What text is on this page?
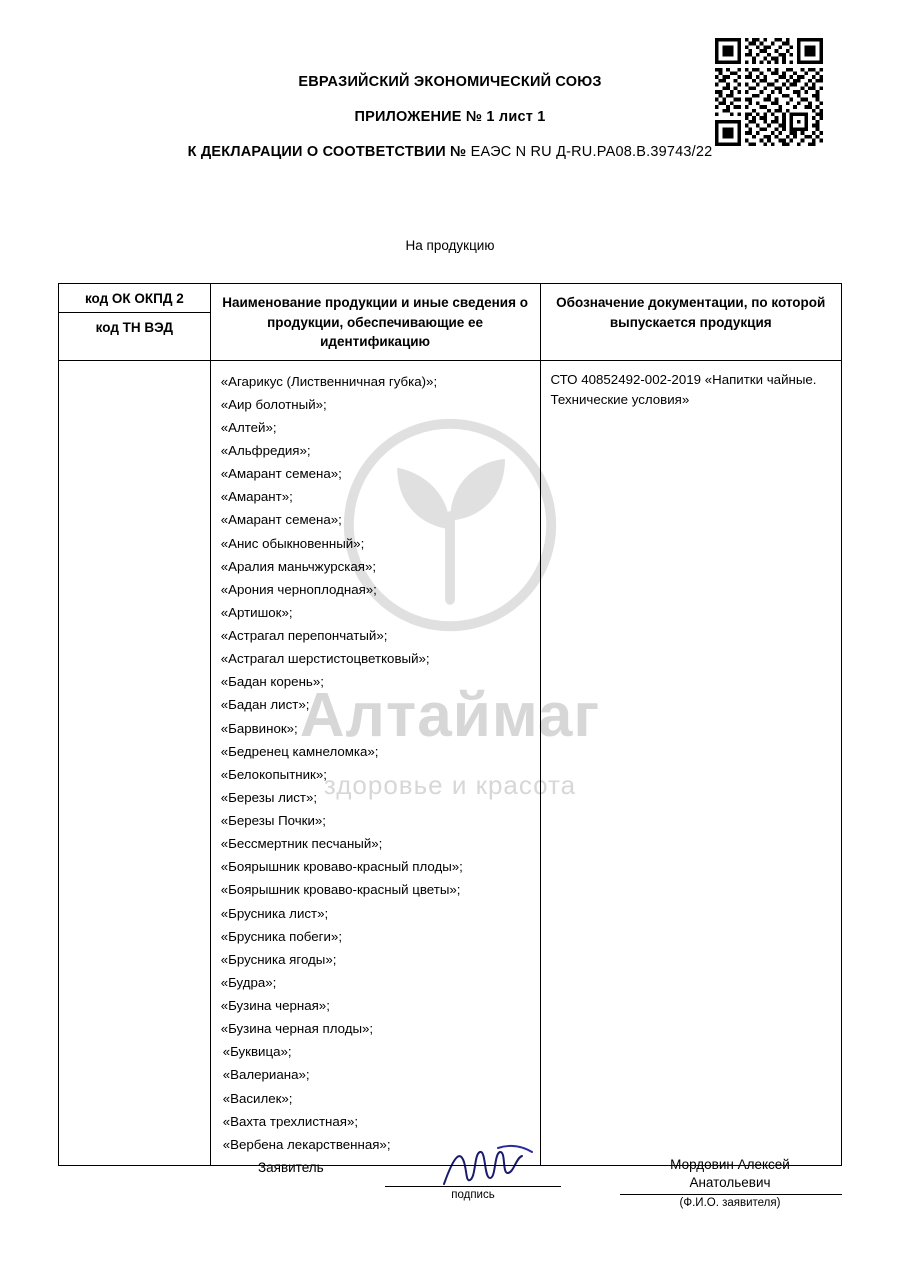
ЕВРАЗИЙСКИЙ ЭКОНОМИЧЕСКИЙ СОЮЗ
ПРИЛОЖЕНИЕ № 1 лист 1
К ДЕКЛАРАЦИИ О СООТВЕТСТВИИ № ЕАЭС N RU Д-RU.РА08.В.39743/22
На продукцию
Алтаймаг
здоровье и красота
код ОК ОКПД 2
код ТН ВЭД	Наименование продукции и иные сведения о продукции, обеспечивающие ее идентификацию	Обозначение документации, по которой выпускается продукция

«Агарикус (Лиственничная губка)»;
«Аир болотный»;
«Алтей»;
«Альфредия»;
«Амарант семена»;
«Амарант»;
«Амарант семена»;
«Анис обыкновенный»;
«Аралия маньчжурская»;
«Арония черноплодная»;
«Артишок»;
«Астрагал перепончатый»;
«Астрагал шерстистоцветковый»;
«Бадан корень»;
«Бадан лист»;
«Барвинок»;
«Бедренец камнеломка»;
«Белокопытник»;
«Березы лист»;
«Березы Почки»;
«Бессмертник песчаный»;
«Боярышник кроваво-красный плоды»;
«Боярышник кроваво-красный цветы»;
«Брусника лист»;
«Брусника побеги»;
«Брусника ягоды»;
«Будра»;
«Бузина черная»;
«Бузина черная плоды»;
«Буквица»;
«Валериана»;
«Василек»;
«Вахта трехлистная»;
«Вербена лекарственная»;
	СТО 40852492-002-2019 «Напитки чайные. Технические условия»
Заявитель
подпись
Мордовин Алексей
Анатольевич
(Ф.И.О. заявителя)
